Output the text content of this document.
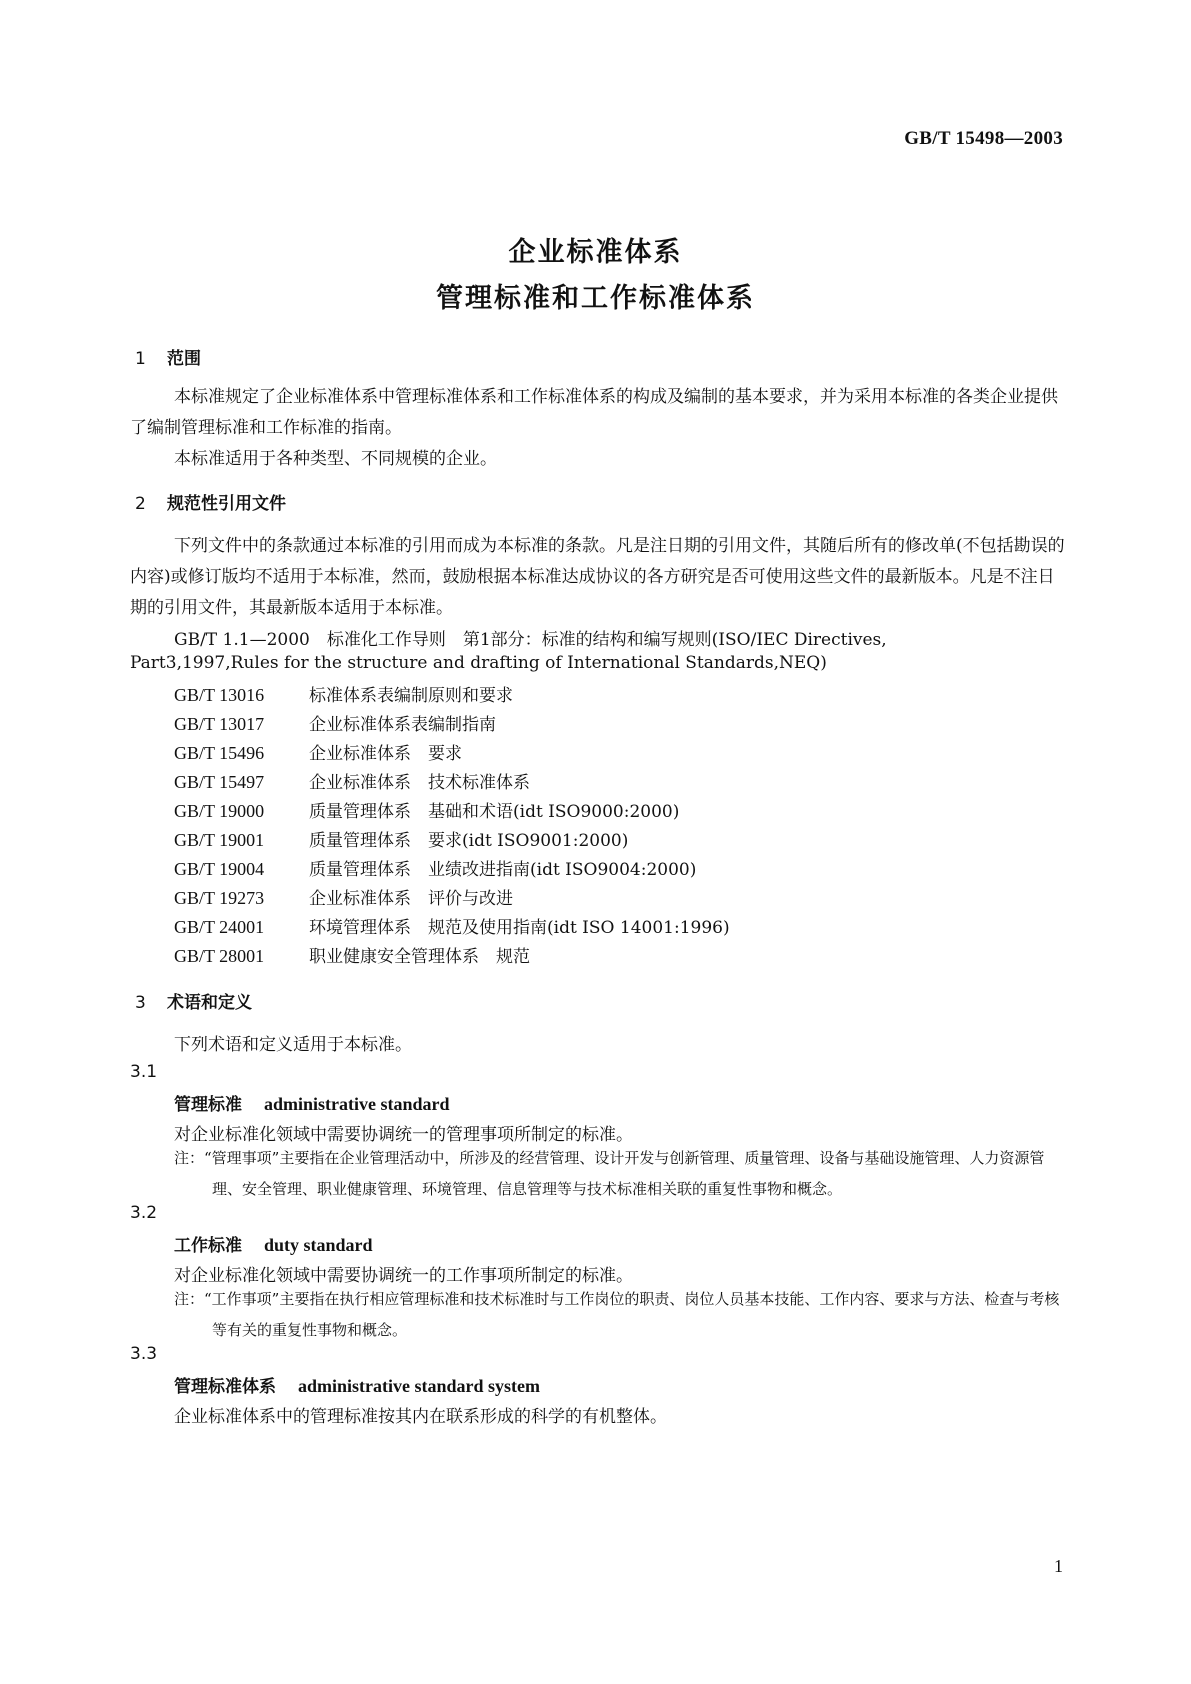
GB/T 15498—2003
企业标准体系
管理标准和工作标准体系
1 范围
本标准规定了企业标准体系中管理标准体系和工作标准体系的构成及编制的基本要求，并为采用本标准的各类企业提供了编制管理标准和工作标准的指南。
本标准适用于各种类型、不同规模的企业。
2 规范性引用文件
下列文件中的条款通过本标准的引用而成为本标准的条款。凡是注日期的引用文件，其随后所有的修改单(不包括勘误的内容)或修订版均不适用于本标准，然而，鼓励根据本标准达成协议的各方研究是否可使用这些文件的最新版本。凡是不注日期的引用文件，其最新版本适用于本标准。
GB/T 1.1—2000　标准化工作导则　第1部分：标准的结构和编写规则(ISO/IEC Directives,
Part3,1997,Rules for the structure and drafting of International Standards,NEQ)
GB/T 13016	标准体系表编制原则和要求
GB/T 13017	企业标准体系表编制指南
GB/T 15496	企业标准体系　要求
GB/T 15497	企业标准体系　技术标准体系
GB/T 19000	质量管理体系　基础和术语(idt ISO9000:2000)
GB/T 19001	质量管理体系　要求(idt ISO9001:2000)
GB/T 19004	质量管理体系　业绩改进指南(idt ISO9004:2000)
GB/T 19273	企业标准体系　评价与改进
GB/T 24001	环境管理体系　规范及使用指南(idt ISO 14001:1996)
GB/T 28001	职业健康安全管理体系　规范
3 术语和定义
下列术语和定义适用于本标准。
3.1
管理标准 administrative standard
对企业标准化领域中需要协调统一的管理事项所制定的标准。
注：“管理事项”主要指在企业管理活动中，所涉及的经营管理、设计开发与创新管理、质量管理、设备与基础设施管理、人力资源管理、安全管理、职业健康管理、环境管理、信息管理等与技术标准相关联的重复性事物和概念。
3.2
工作标准 duty standard
对企业标准化领域中需要协调统一的工作事项所制定的标准。
注：“工作事项”主要指在执行相应管理标准和技术标准时与工作岗位的职责、岗位人员基本技能、工作内容、要求与方法、检查与考核等有关的重复性事物和概念。
3.3
管理标准体系 administrative standard system
企业标准体系中的管理标准按其内在联系形成的科学的有机整体。
1
